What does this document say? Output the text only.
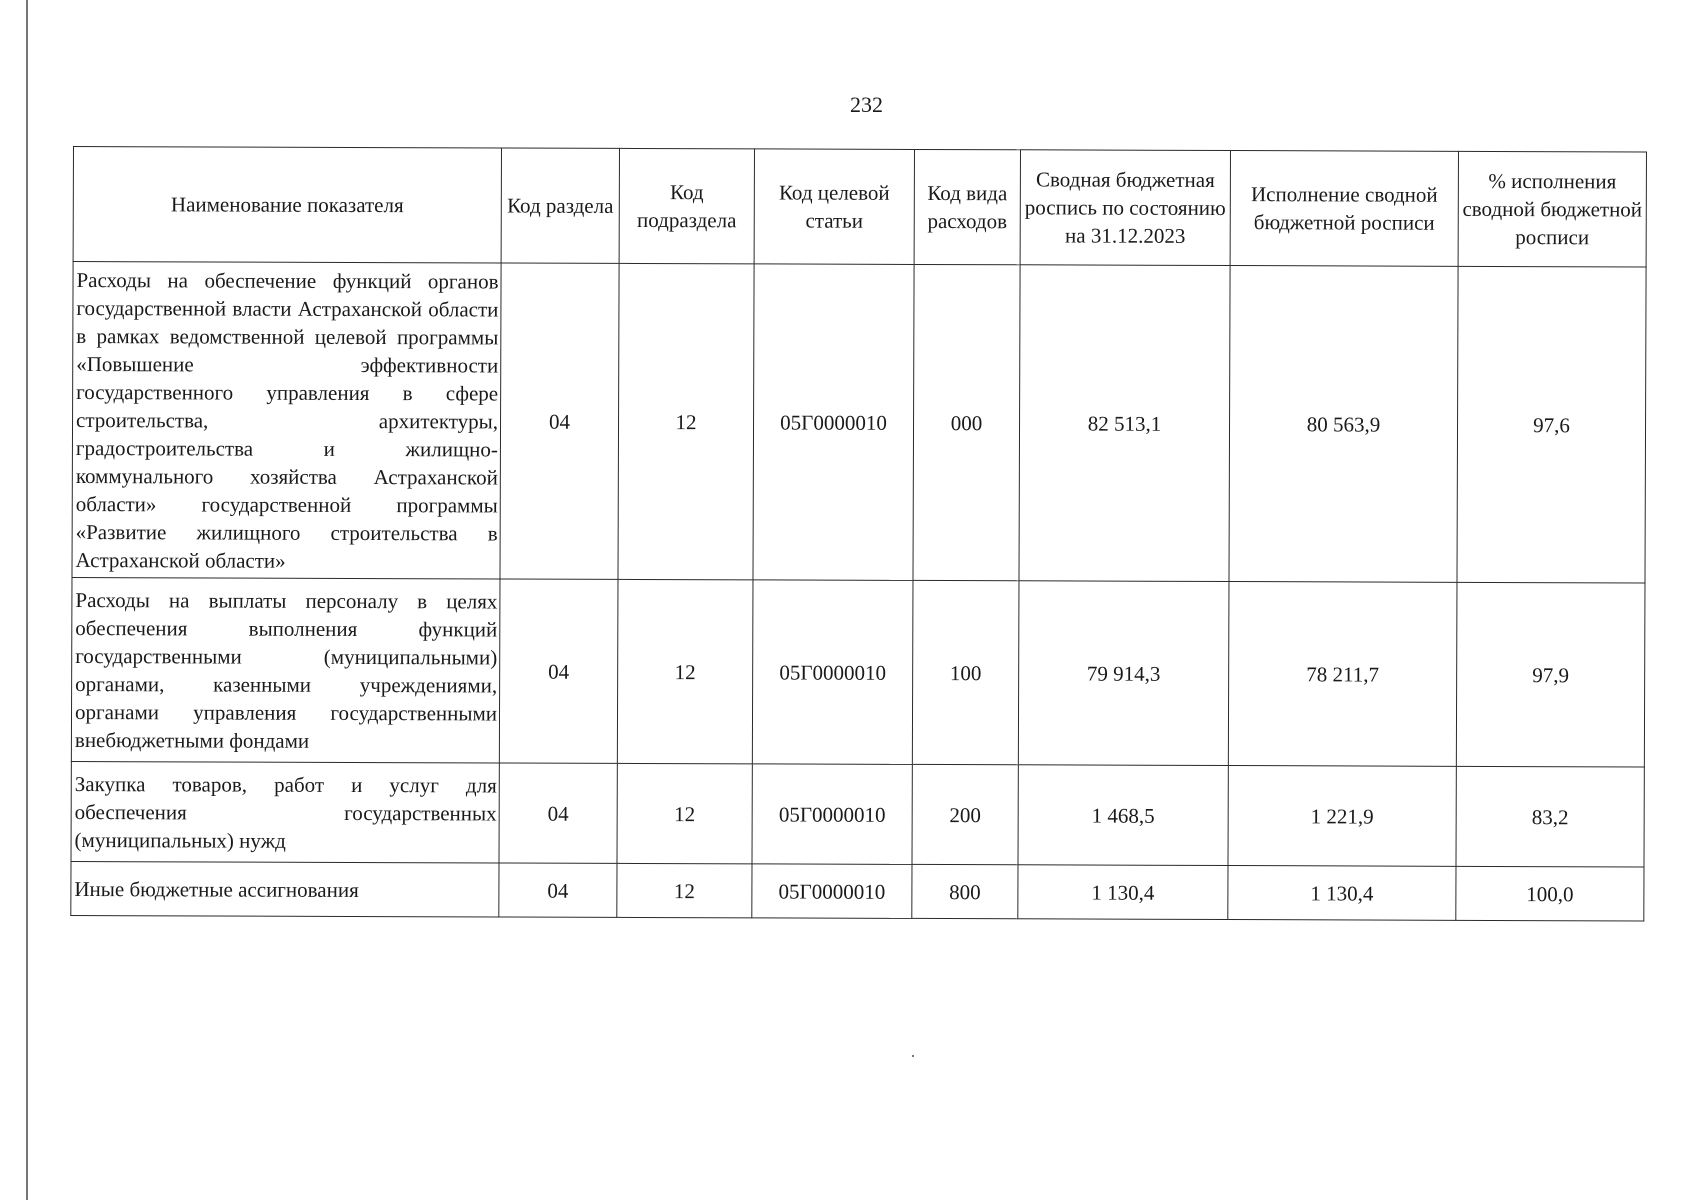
232
Наименование показателя	Код раздела	Код подраздела	Код целевой статьи	Код вида расходов	Сводная бюджетная роспись по состоянию на 31.12.2023	Исполнение сводной бюджетной росписи	% исполнения сводной бюджетной росписи
Расходы на обеспечение функций органов государственной власти Астраханской области в рамках ведомственной целевой программы «Повышение эффективности государственного управления в сфере строительства, архитектуры, градостроительства и жилищно-коммунального хозяйства Астраханской области» государственной программы «Развитие жилищного строительства в Астраханской области»	04	12	05Г0000010	000	82 513,1	80 563,9	97,6
Расходы на выплаты персоналу в целях обеспечения выполнения функций государственными (муниципальными) органами, казенными учреждениями, органами управления государственными внебюджетными фондами	04	12	05Г0000010	100	79 914,3	78 211,7	97,9
Закупка товаров, работ и услуг для обеспечения государственных (муниципальных) нужд	04	12	05Г0000010	200	1 468,5	1 221,9	83,2
Иные бюджетные ассигнования	04	12	05Г0000010	800	1 130,4	1 130,4	100,0
